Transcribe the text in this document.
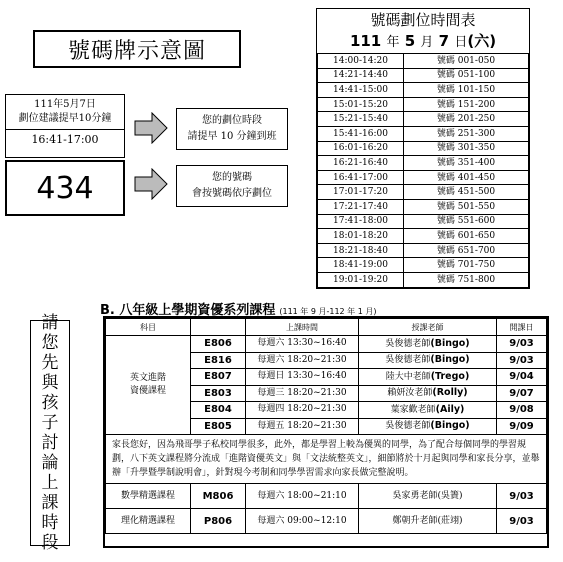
號碼牌示意圖
111年5月7日
劃位建議提早10分鐘
16:41-17:00
434
您的劃位時段
請提早 10 分鐘到班
您的號碼
會按號碼依序劃位
號碼劃位時間表
111 年 5 月 7 日(六)
14:00-14:20	號碼 001-050
14:21-14:40	號碼 051-100
14:41-15:00	號碼 101-150
15:01-15:20	號碼 151-200
15:21-15:40	號碼 201-250
15:41-16:00	號碼 251-300
16:01-16:20	號碼 301-350
16:21-16:40	號碼 351-400
16:41-17:00	號碼 401-450
17:01-17:20	號碼 451-500
17:21-17:40	號碼 501-550
17:41-18:00	號碼 551-600
18:01-18:20	號碼 601-650
18:21-18:40	號碼 651-700
18:41-19:00	號碼 701-750
19:01-19:20	號碼 751-800
B. 八年級上學期資優系列課程 (111 年 9 月-112 年 1 月)
請
您
先
與
孩
子
討
論
上
課
時
段
科目		上課時間	授課老師	開課日

英文進階
資優課程	E806	每週六 13:30~16:40	吳俊德老師(Bingo)	9/03
	E816	每週六 18:20~21:30	吳俊德老師(Bingo)	9/03
	E807	每週日 13:30~16:40	陸大中老師(Trego)	9/04
	E803	每週三 18:20~21:30	賴妍汝老師(Rolly)	9/07
	E804	每週四 18:20~21:30	葉家歡老師(Aily)	9/08
	E805	每週五 18:20~21:30	吳俊德老師(Bingo)	9/09
家長您好，因為飛哥學子私校同學很多，此外，都是學習上較為優異的同學，為了配合每個同學的學習規劃，八下英文課程將分流成「進階資優英文」與「文法統整英文」，細節將於十月起與同學和家長分享，並舉辦「升學暨學制說明會」，針對現今考制和同學學習需求向家長做完整說明。				
數學精選課程	M806	每週六 18:00~21:10	吳家勇老師(吳簀)	9/03
理化精選課程	P806	每週六 09:00~12:10	鄭朝升老師(莊翊)	9/03
